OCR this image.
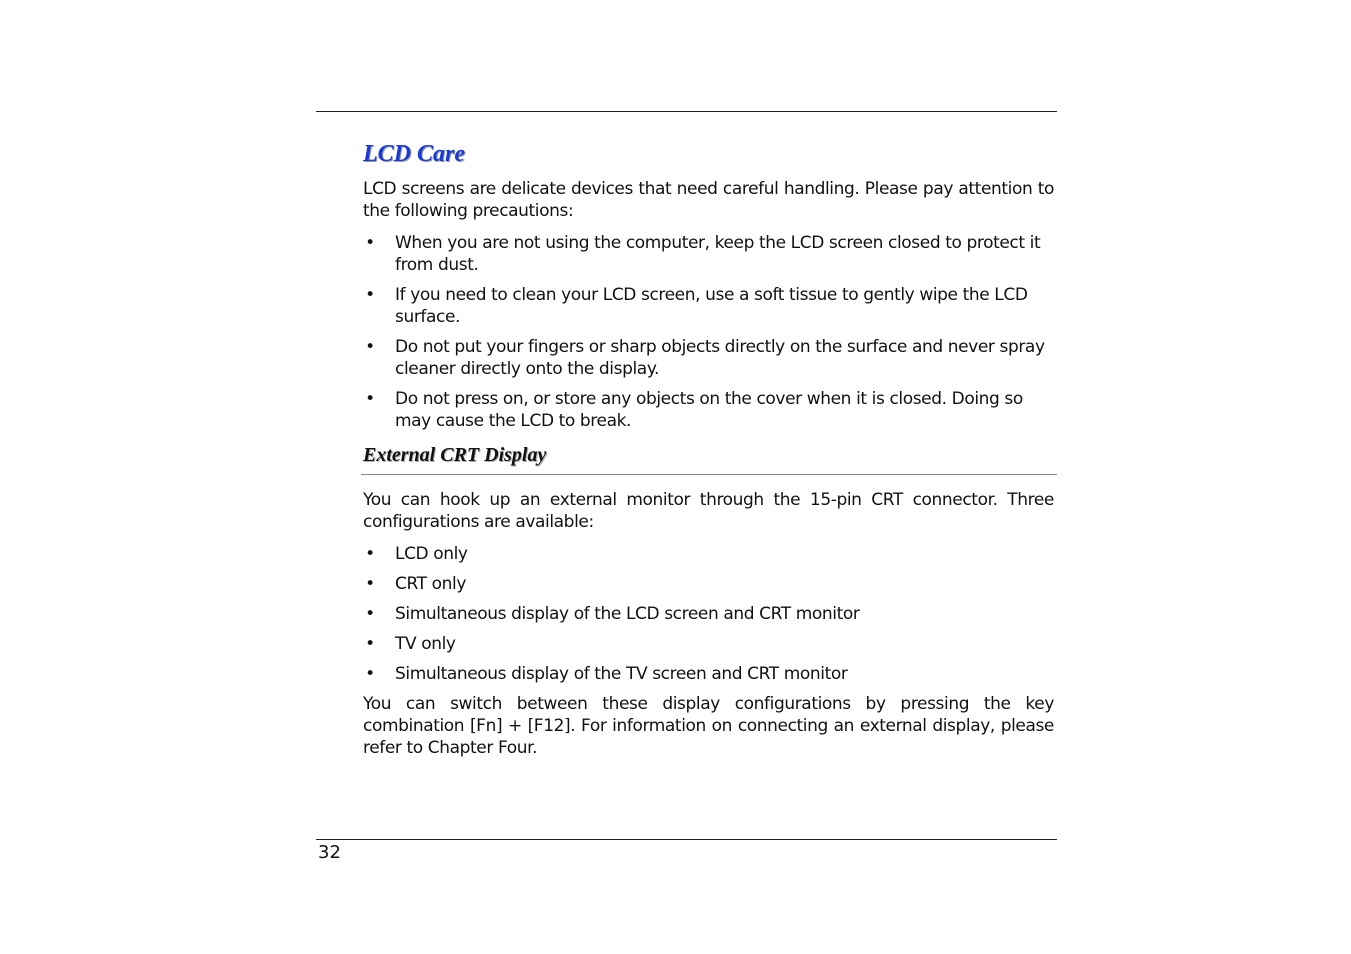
LCD Care

LCD screens are delicate devices that need careful handling. Please pay attention to the following precautions:

• When you are not using the computer, keep the LCD screen closed to protect it from dust.
• If you need to clean your LCD screen, use a soft tissue to gently wipe the LCD surface.
• Do not put your fingers or sharp objects directly on the surface and never spray cleaner directly onto the display.
• Do not press on, or store any objects on the cover when it is closed. Doing so may cause the LCD to break.
External CRT Display

You can hook up an external monitor through the 15-pin CRT connector. Three configurations are available:

• LCD only
• CRT only
• Simultaneous display of the LCD screen and CRT monitor
• TV only
• Simultaneous display of the TV screen and CRT monitor

You can switch between these display configurations by pressing the key combination [Fn] + [F12]. For information on connecting an external display, please refer to Chapter Four.

32
